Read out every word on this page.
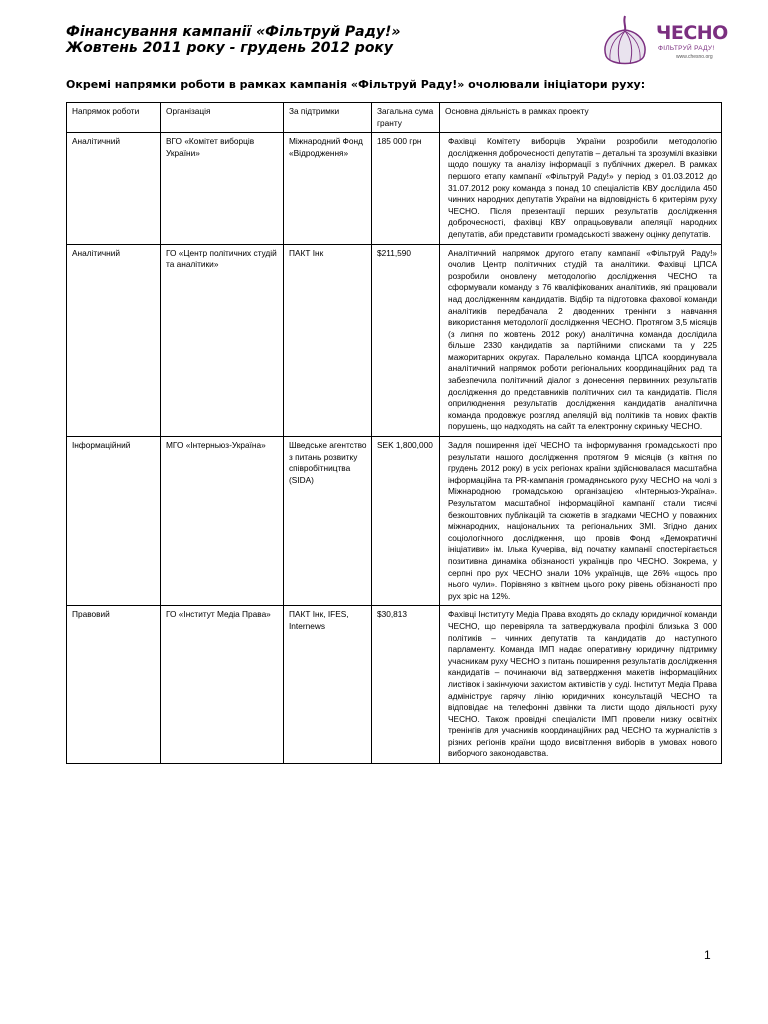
Фінансування кампанії «Фільтруй Раду!»
Жовтень 2011 року - грудень 2012 року
ЧЕСНО
ФІЛЬТРУЙ РАДУ!
www.chesno.org
Окремі напрямки роботи в рамках кампанія «Фільтруй Раду!» очолювали ініціатори руху:
Напрямок роботи	Організація	За підтримки	Загальна сума гранту	Основна діяльність в рамках проекту
Аналітичний	ВГО «Комітет виборців України»	Міжнародний Фонд «Відродження»	185 000 грн	Фахівці Комітету виборців України розробили методологію дослідження доброчесності депутатів – детальні та зрозумілі вказівки щодо пошуку та аналізу інформації з публічних джерел. В рамках першого етапу кампанії «Фільтруй Раду!» у період з 01.03.2012 до 31.07.2012 року команда з понад 10 спеціалістів КВУ дослідила 450 чинних народних депутатів України на відповідність 6 критеріям руху ЧЕСНО. Після презентації перших результатів дослідження доброчесності, фахівці КВУ опрацьовували апеляції народних депутатів, аби представити громадськості зважену оцінку депутатів.
Аналітичний	ГО «Центр політичних студій та аналітики»	ПАКТ Інк	$211,590	Аналітичний напрямок другого етапу кампанії «Фільтруй Раду!» очолив Центр політичних студій та аналітики. Фахівці ЦПСА розробили оновлену методологію дослідження ЧЕСНО та сформували команду з 76 кваліфікованих аналітиків, які працювали над дослідженням кандидатів. Відбір та підготовка фахової команди аналітиків передбачала 2 дводенних тренінги з навчання використання методології дослідження ЧЕСНО. Протягом 3,5 місяців (з липня по жовтень 2012 року) аналітична команда дослідила більше 2330 кандидатів за партійними списками та у 225 мажоритарних округах. Паралельно команда ЦПСА координувала аналітичний напрямок роботи регіональних координаційних рад та забезпечила політичний діалог з донесення первинних результатів дослідження до представників політичних сил та кандидатів. Після оприлюднення результатів дослідження кандидатів аналітична команда продовжує розгляд апеляцій від політиків та нових фактів порушень, що надходять на сайт та електронну скриньку ЧЕСНО.
Інформаційний	МГО «Інтерньюз-Україна»	Шведське агентство з питань розвитку співробітництва (SIDA)	SEK 1,800,000	Задля поширення ідеї ЧЕСНО та інформування громадськості про результати нашого дослідження протягом 9 місяців (з квітня по грудень 2012 року) в усіх регіонах країни здійснювалася масштабна інформаційна та PR-кампанія громадянського руху ЧЕСНО на чолі з Міжнародною громадською організацією «Інтерньюз-Україна». Результатом масштабної інформаційної кампанії стали тисячі безкоштовних публікацій та сюжетів в згадками ЧЕСНО у поважних міжнародних, національних та регіональних ЗМІ. Згідно даних соціологічного дослідження, що провів Фонд «Демократичні ініціативи» ім. Ілька Кучеріва, від початку кампанії спостерігається позитивна динаміка обізнаності українців про ЧЕСНО. Зокрема, у серпні про рух ЧЕСНО знали 10% українців, ще 26% «щось про нього чули». Порівняно з квітнем цього року рівень обізнаності про рух зріс на 12%.
Правовий	ГО «Інститут Медіа Права»	ПАКТ Інк, IFES, Internews	$30,813	Фахівці Інституту Медіа Права входять до складу юридичної команди ЧЕСНО, що перевіряла та затверджувала профілі близька 3 000 політиків – чинних депутатів та кандидатів до наступного парламенту. Команда ІМП надає оперативну юридичну підтримку учасникам руху ЧЕСНО з питань поширення результатів дослідження кандидатів – починаючи від затвердження макетів інформаційних листівок і закінчуючи захистом активістів у суді. Інститут Медіа Права адмініструє гарячу лінію юридичних консультацій ЧЕСНО та відповідає на телефонні дзвінки та листи щодо діяльності руху ЧЕСНО. Також провідні спеціалісти ІМП провели низку освітніх тренінгів для учасників координаційних рад ЧЕСНО та журналістів з різних регіонів країни щодо висвітлення виборів в умовах нового виборчого законодавства.
1
